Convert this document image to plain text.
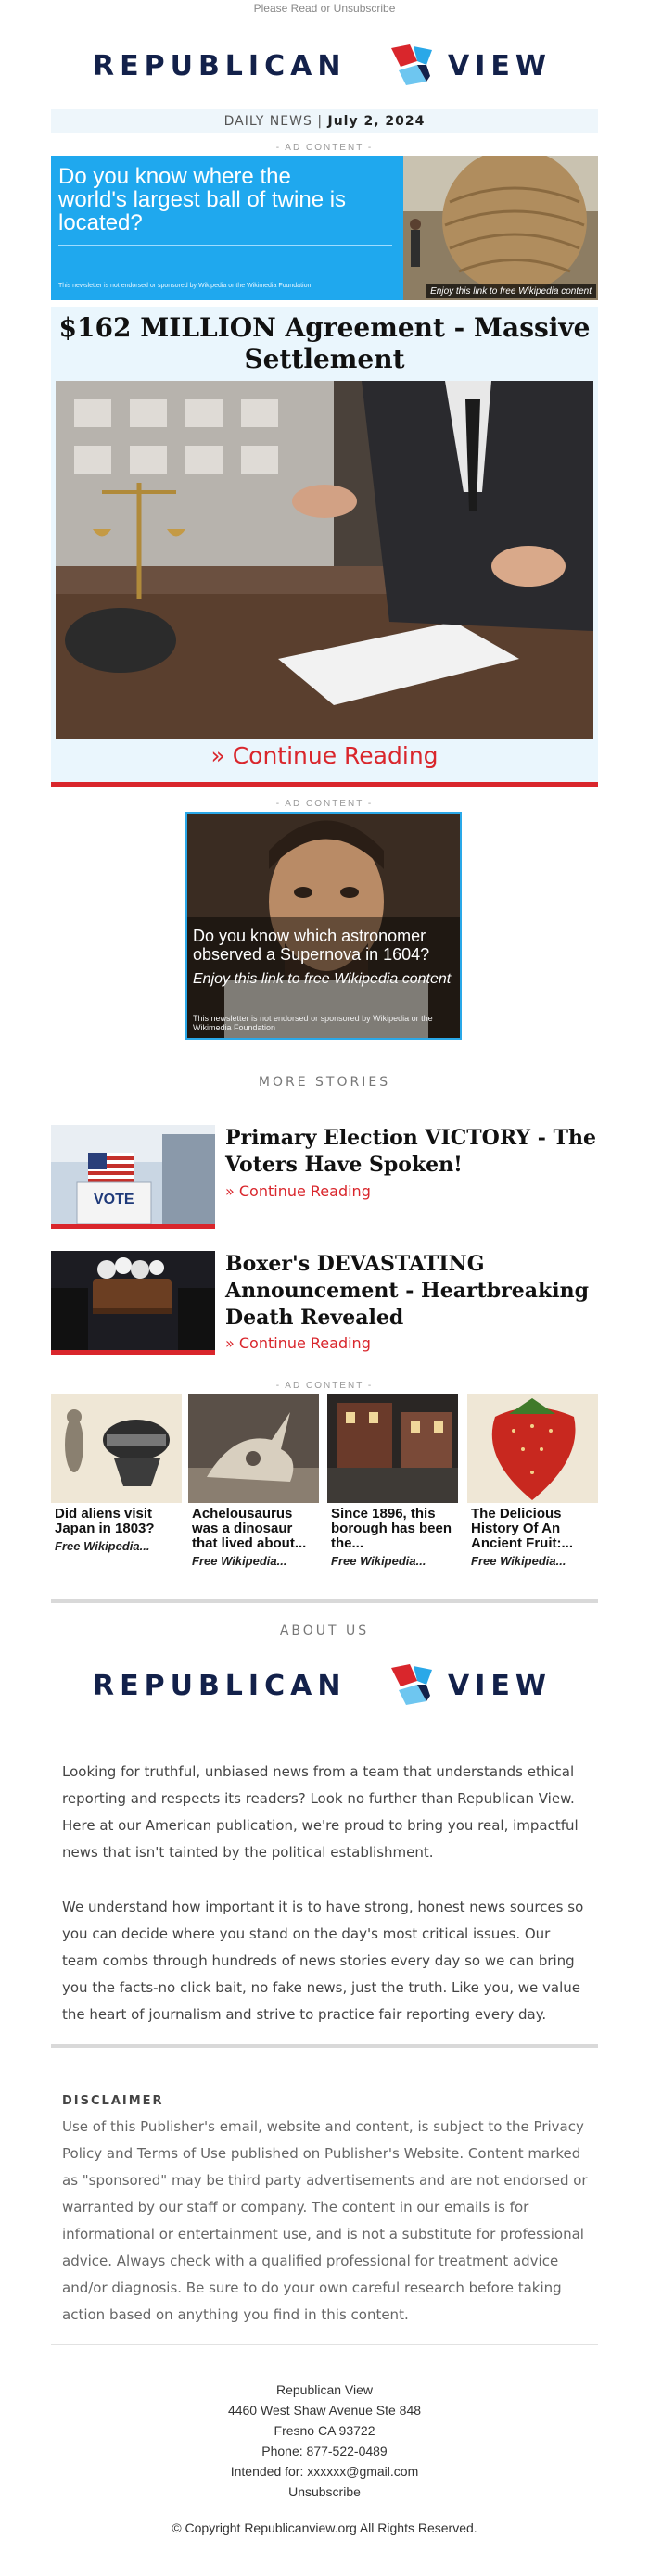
Please Read or Unsubscribe
REPUBLICAN	VIEW
DAILY NEWS | July 2, 2024
- AD CONTENT -
Do you know where the world's largest ball of twine is located?
This newsletter is not endorsed or sponsored by Wikipedia or the Wikimedia Foundation
Enjoy this link to free Wikipedia content
$162 MILLION Agreement - Massive Settlement
» Continue Reading
- AD CONTENT -
Do you know which astronomer observed a Supernova in 1604?
Enjoy this link to free Wikipedia content
This newsletter is not endorsed or sponsored by Wikipedia or the Wikimedia Foundation
MORE STORIES
VOTE
Primary Election VICTORY - The Voters Have Spoken!
» Continue Reading
Boxer's DEVASTATING Announcement - Heartbreaking Death Revealed
» Continue Reading
- AD CONTENT -
Did aliens visit Japan in 1803?
Free Wikipedia...
Achelousaurus was a dinosaur that lived about...
Free Wikipedia...
Since 1896, this borough has been the...
Free Wikipedia...
The Delicious History Of An Ancient Fruit:...
Free Wikipedia...
ABOUT US
REPUBLICAN	VIEW
Looking for truthful, unbiased news from a team that understands ethical reporting and respects its readers? Look no further than Republican View. Here at our American publication, we're proud to bring you real, impactful news that isn't tainted by the political establishment.
We understand how important it is to have strong, honest news sources so you can decide where you stand on the day's most critical issues. Our team combs through hundreds of news stories every day so we can bring you the facts-no click bait, no fake news, just the truth. Like you, we value the heart of journalism and strive to practice fair reporting every day.
DISCLAIMER
Use of this Publisher's email, website and content, is subject to the Privacy Policy and Terms of Use published on Publisher's Website. Content marked as "sponsored" may be third party advertisements and are not endorsed or warranted by our staff or company. The content in our emails is for informational or entertainment use, and is not a substitute for professional advice. Always check with a qualified professional for treatment advice and/or diagnosis. Be sure to do your own careful research before taking action based on anything you find in this content.
Republican View
4460 West Shaw Avenue Ste 848
Fresno CA 93722
Phone: 877-522-0489
Intended for: xxxxxx@gmail.com
Unsubscribe
© Copyright Republicanview.org All Rights Reserved.
